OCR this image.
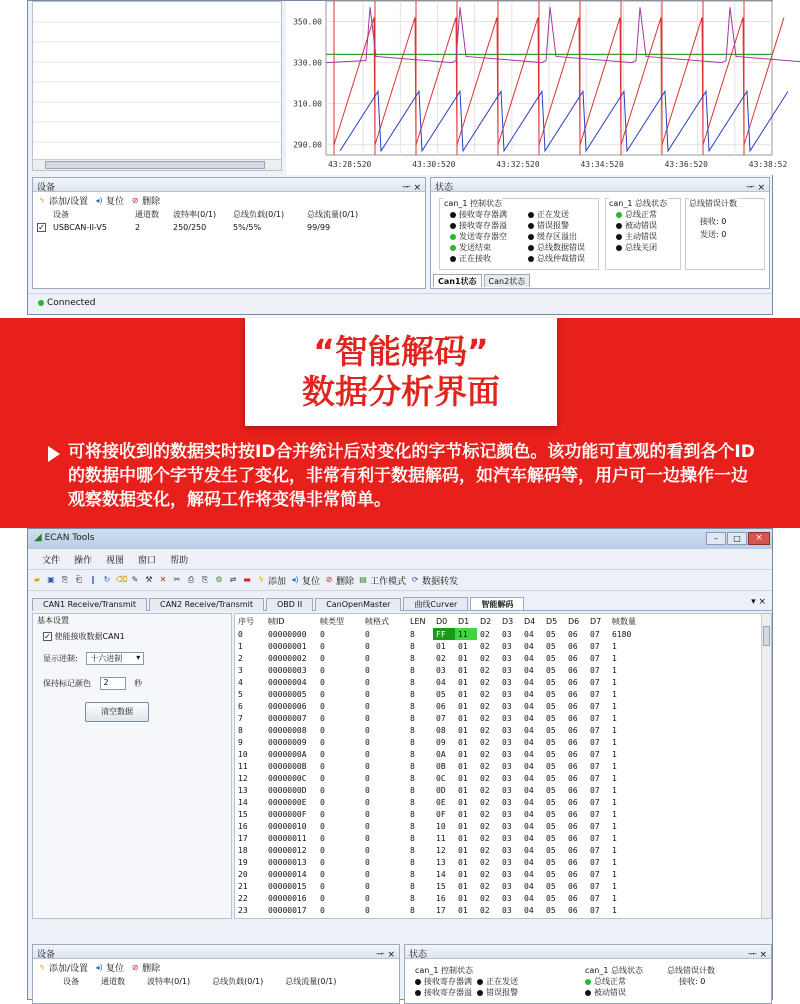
350.00
330.00
310.00
290.00
43:28:520	43:30:520	43:32:520	43:34:520	43:36:520	43:38:52
设备	ᅲ ×
ϟ 添加/设置 ◂) 复位 ⊘ 删除
	设备	通道数	波特率(0/1)	总线负载(0/1)	总线流量(0/1)
✓	USBCAN-II-V5	2	250/250	5%/5%	99/99
状态	ᅲ ×
can_1 控制状态
接收寄存器满
接收寄存器溢
发送寄存器空
发送结束
正在接收
正在发送
错误报警
缓存区溢出
总线数据错误
总线仲裁错误
can_1 总线状态
总线正常
被动错误
主动错误
总线关闭
总线错误计数
接收: 0
发送: 0
Can1状态 Can2状态
Connected
“智能解码”
数据分析界面
可将接收到的数据实时按ID合并统计后对变化的字节标记颜色。该功能可直观的看到各个ID的数据中哪个字节发生了变化，非常有利于数据解码，如汽车解码等，用户可一边操作一边观察数据变化，解码工作将变得非常简单。
◢ ECAN Tools	–	□	×
文件 操作 视图 窗口 帮助
▰ ▣ ⎘ ⎗	‖	↻ ⌫ ✎ ⚒ ✕ ✂ ⎙ ⎘ ⚙ ⇌ ▬ ϟ 添加 ◂) 复位 ⊘ 删除 ▤ 工作模式 ⟳ 数据转发
CAN1 Receive/Transmit	CAN2 Receive/Transmit	OBD II	CanOpenMaster	曲线Curver	智能解码	▾ ×
基本设置
✓ 使能接收数据CAN1
显示进制: 十六进制 ▾
保持标记颜色 2	秒
清空数据
序号	帧ID	帧类型	帧格式	LEN	D0	D1	D2	D3	D4	D5	D6	D7	帧数量
0	00000000	0	0	8	FF	11	02	03	04	05	06	07	6180
1	00000001	0	0	8	01	01	02	03	04	05	06	07	1
2	00000002	0	0	8	02	01	02	03	04	05	06	07	1
3	00000003	0	0	8	03	01	02	03	04	05	06	07	1
4	00000004	0	0	8	04	01	02	03	04	05	06	07	1
5	00000005	0	0	8	05	01	02	03	04	05	06	07	1
6	00000006	0	0	8	06	01	02	03	04	05	06	07	1
7	00000007	0	0	8	07	01	02	03	04	05	06	07	1
8	00000008	0	0	8	08	01	02	03	04	05	06	07	1
9	00000009	0	0	8	09	01	02	03	04	05	06	07	1
10	0000000A	0	0	8	0A	01	02	03	04	05	06	07	1
11	0000000B	0	0	8	0B	01	02	03	04	05	06	07	1
12	0000000C	0	0	8	0C	01	02	03	04	05	06	07	1
13	0000000D	0	0	8	0D	01	02	03	04	05	06	07	1
14	0000000E	0	0	8	0E	01	02	03	04	05	06	07	1
15	0000000F	0	0	8	0F	01	02	03	04	05	06	07	1
16	00000010	0	0	8	10	01	02	03	04	05	06	07	1
17	00000011	0	0	8	11	01	02	03	04	05	06	07	1
18	00000012	0	0	8	12	01	02	03	04	05	06	07	1
19	00000013	0	0	8	13	01	02	03	04	05	06	07	1
20	00000014	0	0	8	14	01	02	03	04	05	06	07	1
21	00000015	0	0	8	15	01	02	03	04	05	06	07	1
22	00000016	0	0	8	16	01	02	03	04	05	06	07	1
23	00000017	0	0	8	17	01	02	03	04	05	06	07	1
设备	ᅲ ×
ϟ 添加/设置 ◂) 复位 ⊘ 删除
设备	通道数	波特率(0/1)	总线负载(0/1)	总线流量(0/1)
状态	ᅲ ×
can_1 控制状态
接收寄存器满 正在发送
接收寄存器溢 错误报警
can_1 总线状态
总线正常
被动错误
总线错误计数
接收: 0
